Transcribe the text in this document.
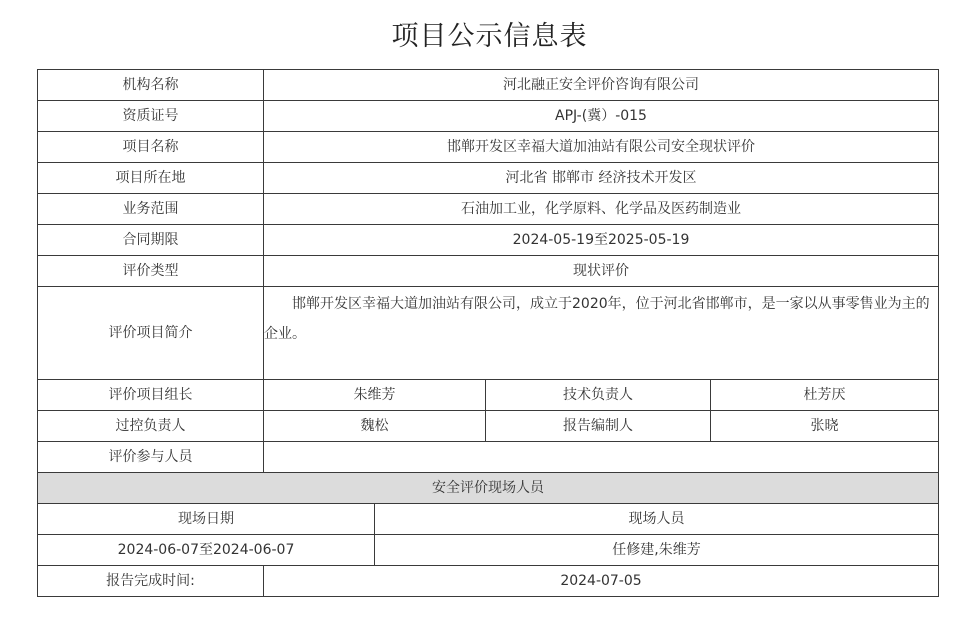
项目公示信息表
机构名称	河北融正安全评价咨询有限公司			
资质证号	APJ-(冀）-015			
项目名称	邯郸开发区幸福大道加油站有限公司安全现状评价			
项目所在地	河北省 邯郸市 经济技术开发区			
业务范围	石油加工业，化学原料、化学品及医药制造业			
合同期限	2024-05-19至2025-05-19			
评价类型	现状评价			
评价项目简介	邯郸开发区幸福大道加油站有限公司，成立于2020年，位于河北省邯郸市，是一家以从事零售业为主的企业。			
评价项目组长	朱维芳		技术负责人	杜芳厌
过控负责人	魏松		报告编制人	张晓
评价参与人员				
安全评价现场人员				
现场日期		现场人员		
2024-06-07至2024-06-07		任修建,朱维芳		
报告完成时间:	2024-07-05			
